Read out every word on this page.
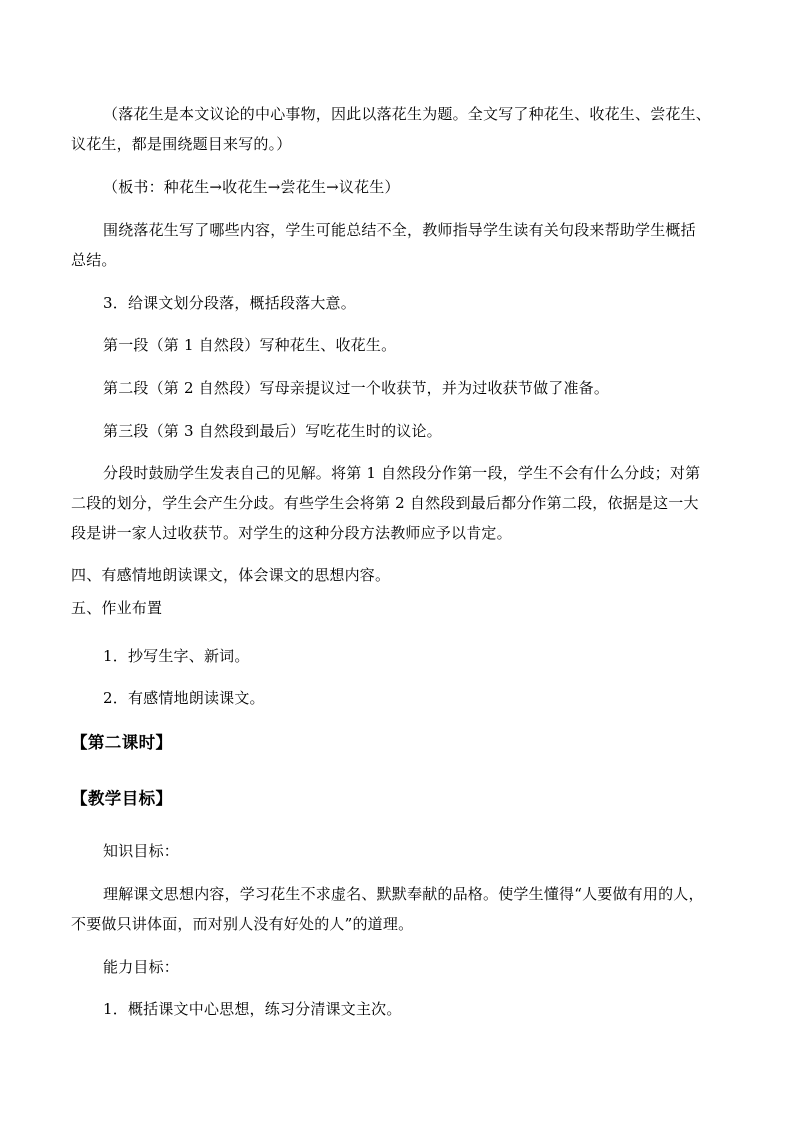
（落花生是本文议论的中心事物，因此以落花生为题。全文写了种花生、收花生、尝花生、
议花生，都是围绕题目来写的。）
（板书：种花生→收花生→尝花生→议花生）
围绕落花生写了哪些内容，学生可能总结不全，教师指导学生读有关句段来帮助学生概括
总结。
3．给课文划分段落，概括段落大意。
第一段（第 1 自然段）写种花生、收花生。
第二段（第 2 自然段）写母亲提议过一个收获节，并为过收获节做了准备。
第三段（第 3 自然段到最后）写吃花生时的议论。
分段时鼓励学生发表自己的见解。将第 1 自然段分作第一段，学生不会有什么分歧；对第
二段的划分，学生会产生分歧。有些学生会将第 2 自然段到最后都分作第二段，依据是这一大
段是讲一家人过收获节。对学生的这种分段方法教师应予以肯定。
四、有感情地朗读课文，体会课文的思想内容。
五、作业布置
1．抄写生字、新词。
2．有感情地朗读课文。
【第二课时】
【教学目标】
知识目标：
理解课文思想内容，学习花生不求虚名、默默奉献的品格。使学生懂得“人要做有用的人，
不要做只讲体面，而对别人没有好处的人”的道理。
能力目标：
1．概括课文中心思想，练习分清课文主次。
